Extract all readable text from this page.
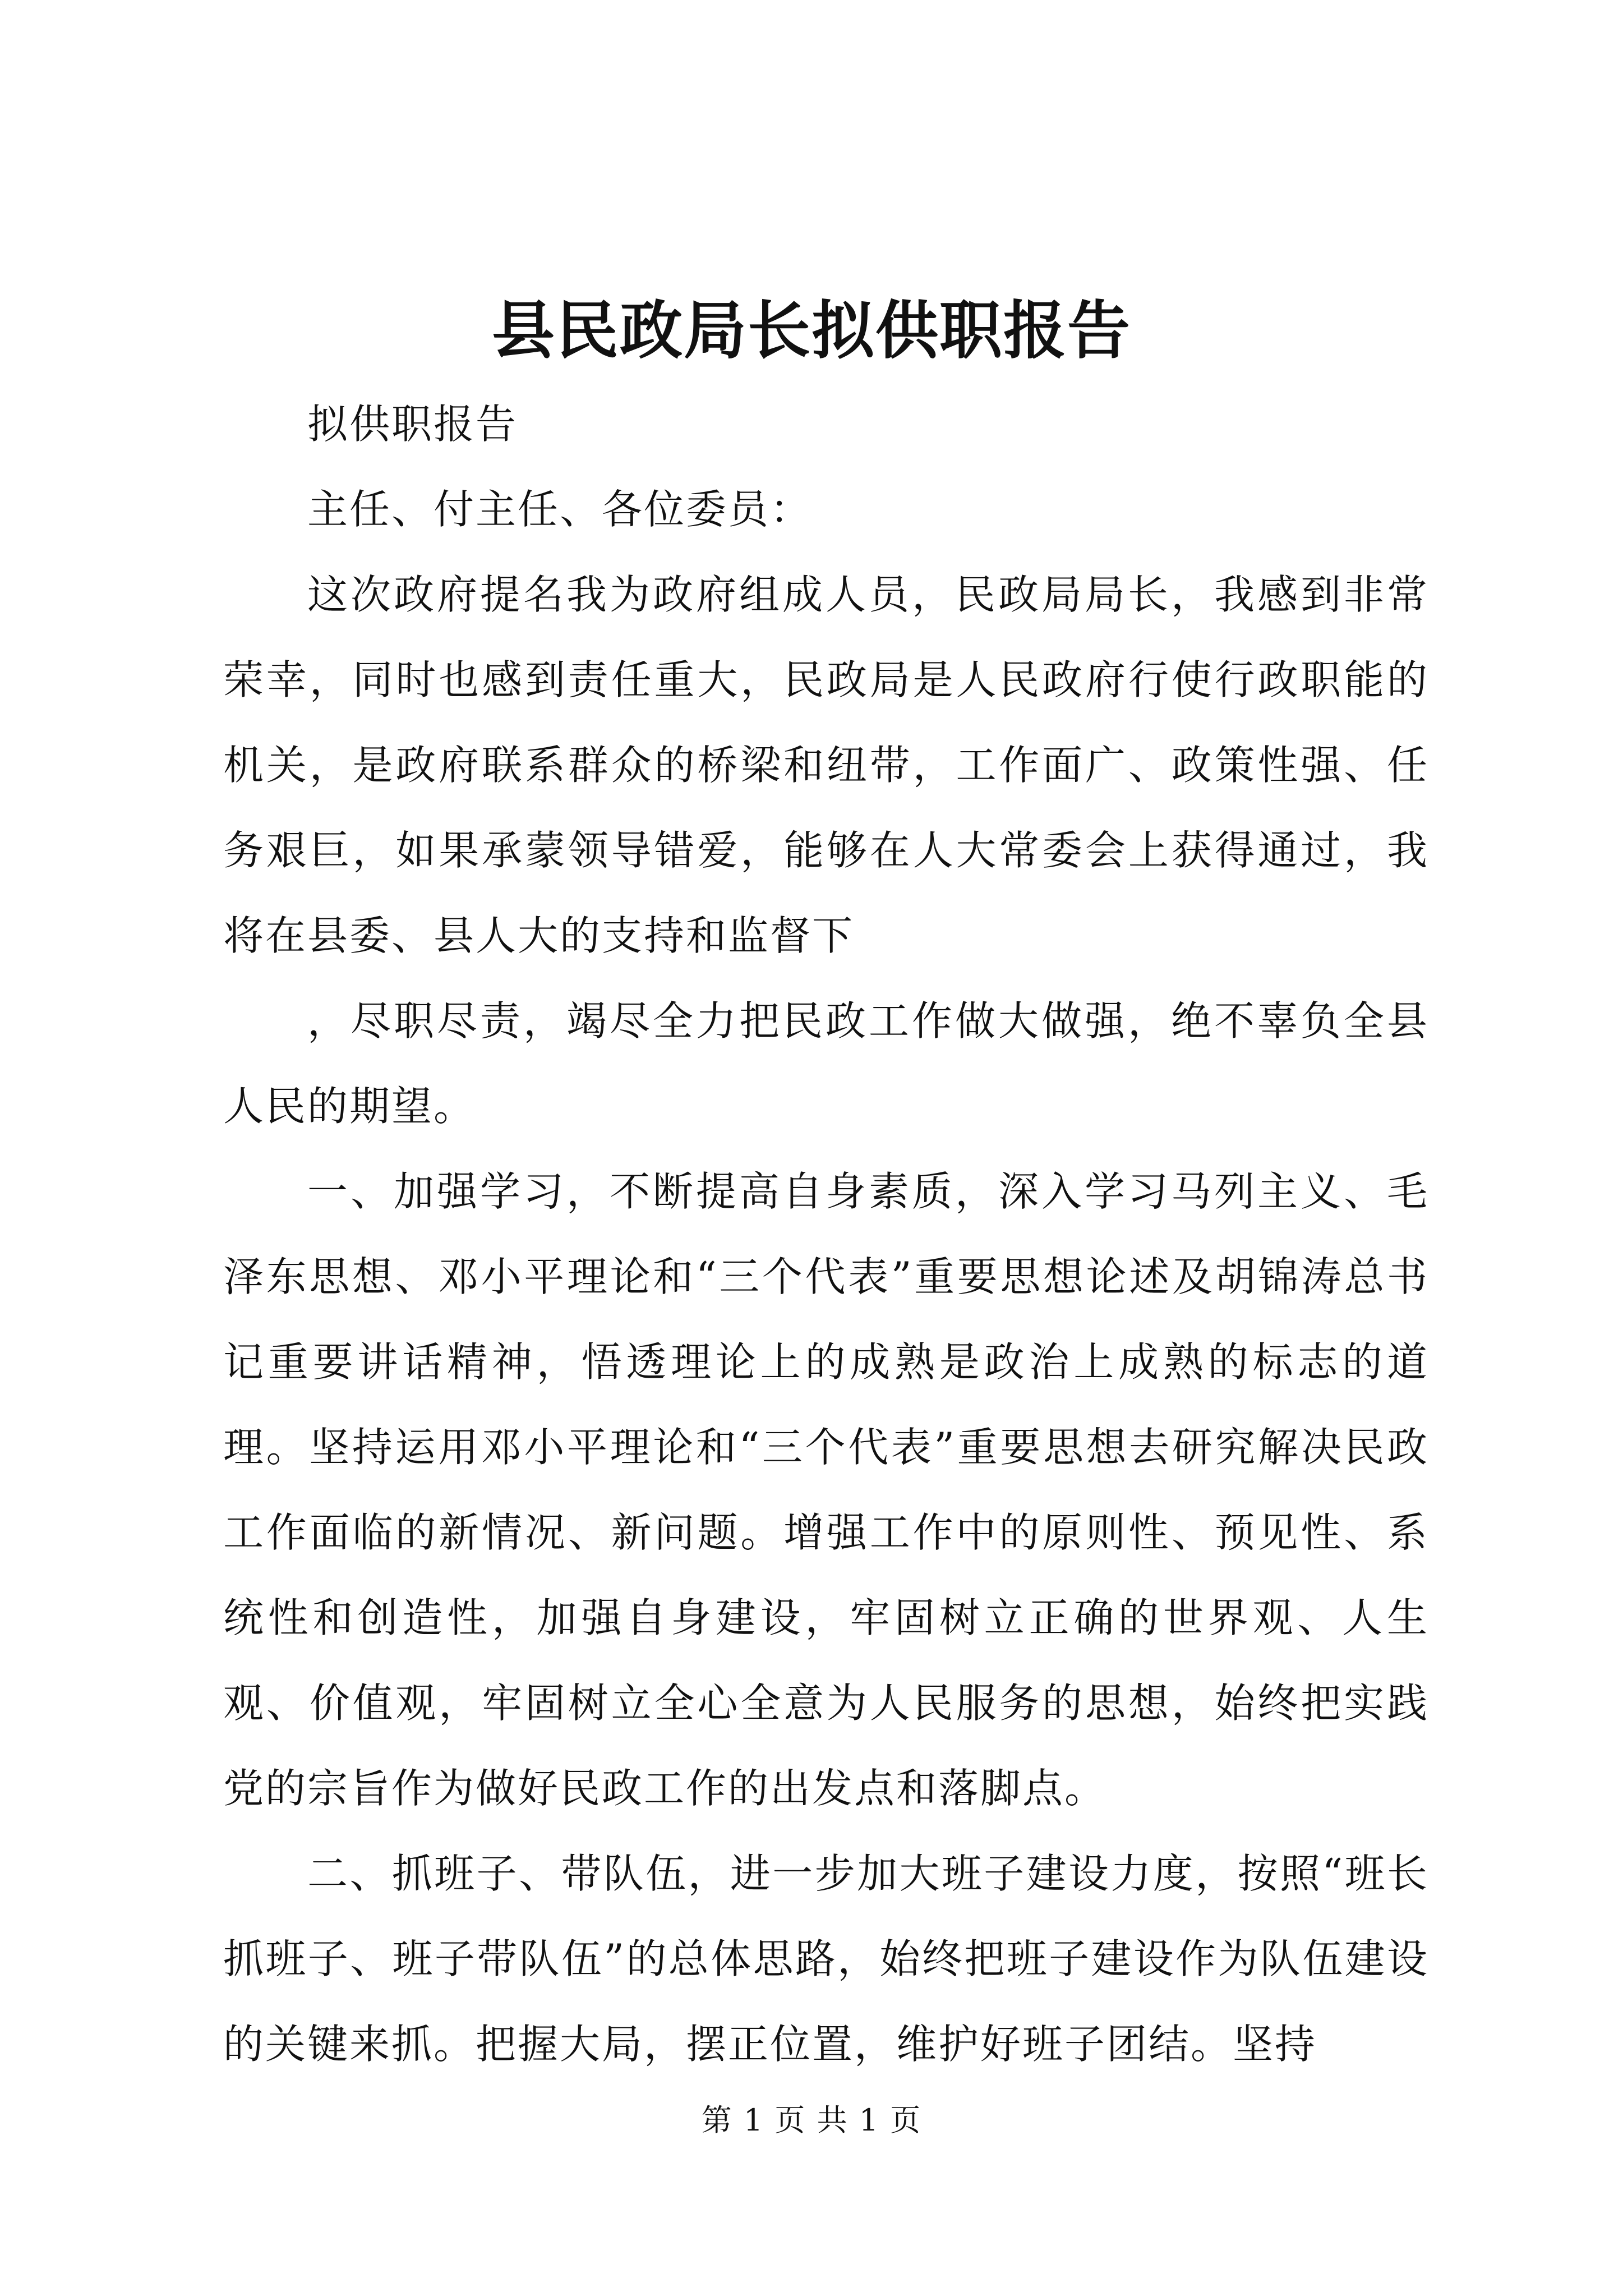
县民政局长拟供职报告

拟供职报告

主任、付主任、各位委员：

这次政府提名我为政府组成人员，民政局局长，我感到非常荣幸，同时也感到责任重大，民政局是人民政府行使行政职能的机关，是政府联系群众的桥梁和纽带，工作面广、政策性强、任务艰巨，如果承蒙领导错爱，能够在人大常委会上获得通过，我将在县委、县人大的支持和监督下

，尽职尽责，竭尽全力把民政工作做大做强，绝不辜负全县人民的期望。

一、加强学习，不断提高自身素质，深入学习马列主义、毛泽东思想、邓小平理论和“三个代表”重要思想论述及胡锦涛总书记重要讲话精神，悟透理论上的成熟是政治上成熟的标志的道理。坚持运用邓小平理论和“三个代表”重要思想去研究解决民政工作面临的新情况、新问题。增强工作中的原则性、预见性、系统性和创造性，加强自身建设，牢固树立正确的世界观、人生观、价值观，牢固树立全心全意为人民服务的思想，始终把实践党的宗旨作为做好民政工作的出发点和落脚点。

二、抓班子、带队伍，进一步加大班子建设力度，按照“班长抓班子、班子带队伍”的总体思路，始终把班子建设作为队伍建设的关键来抓。把握大局，摆正位置，维护好班子团结。坚持

第 1 页 共 1 页
